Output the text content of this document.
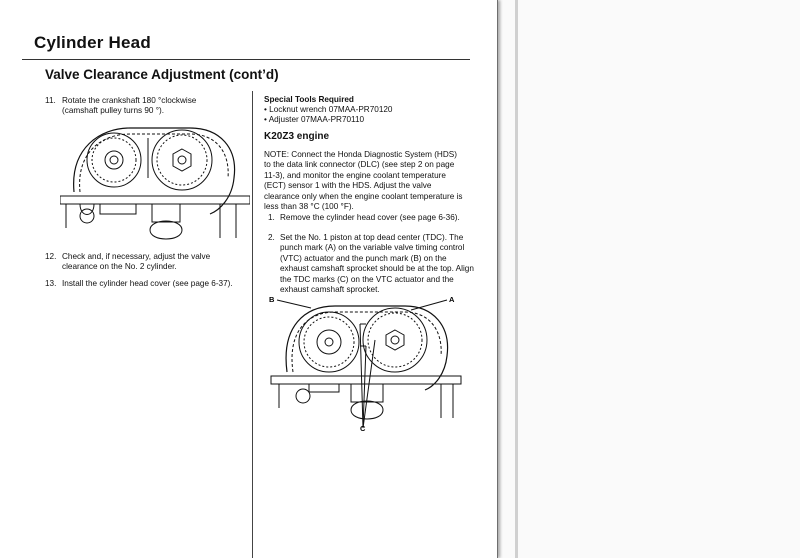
Cylinder Head
Valve Clearance Adjustment (cont’d)
11. Rotate the crankshaft 180 °clockwise (camshaft pulley turns 90 °).
12. Check and, if necessary, adjust the valve clearance on the No. 2 cylinder.
13. Install the cylinder head cover (see page 6-37).
Special Tools Required
• Locknut wrench 07MAA-PR70120
• Adjuster 07MAA-PR70110
K20Z3 engine
NOTE: Connect the Honda Diagnostic System (HDS) to the data link connector (DLC) (see step 2 on page 11-3), and monitor the engine coolant temperature (ECT) sensor 1 with the HDS. Adjust the valve clearance only when the engine coolant temperature is less than 38 °C (100 °F).
1. Remove the cylinder head cover (see page 6-36).
2. Set the No. 1 piston at top dead center (TDC). The punch mark (A) on the variable valve timing control (VTC) actuator and the punch mark (B) on the exhaust camshaft sprocket should be at the top. Align the TDC marks (C) on the VTC actuator and the exhaust camshaft sprocket.
B	A
C
